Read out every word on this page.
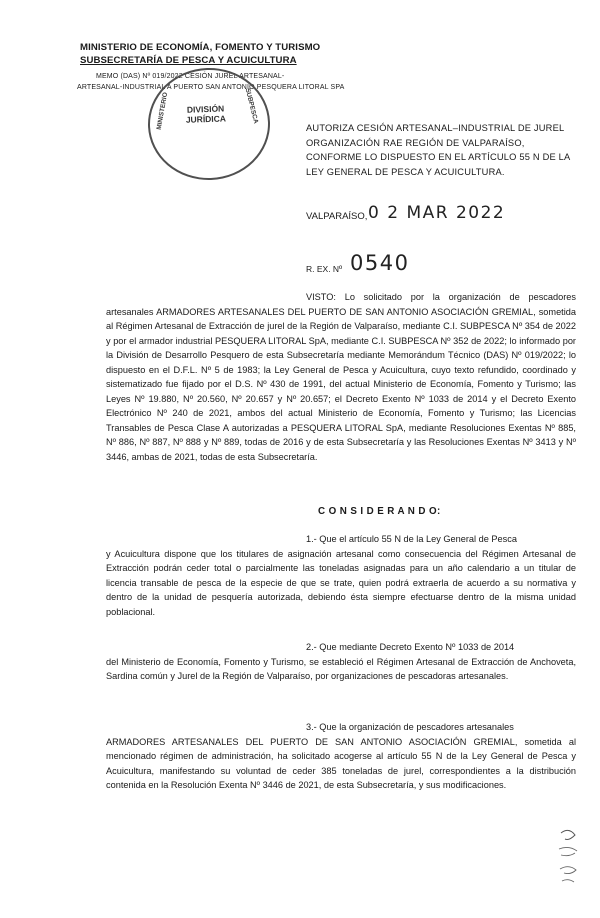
MINISTERIO DE ECONOMÍA, FOMENTO Y TURISMO
SUBSECRETARÍA DE PESCA Y ACUICULTURA
MEMO (DAS) Nº 019/2022 CESIÓN JUREL ARTESANAL-
ARTESANAL-INDUSTRIAL A PUERTO SAN ANTONIO PESQUERA LITORAL SPA
MINISTERIO	SUBPESCA
DIVISIÓN
JURÍDICA
AUTORIZA CESIÓN ARTESANAL–INDUSTRIAL DE JUREL ORGANIZACIÓN RAE REGIÓN DE VALPARAÍSO, CONFORME LO DISPUESTO EN EL ARTÍCULO 55 N DE LA LEY GENERAL DE PESCA Y ACUICULTURA.
VALPARAÍSO, 0 2 MAR 2022
R. EX. Nº 0540
VISTO: Lo solicitado por la organización de pescadores artesanales ARMADORES ARTESANALES DEL PUERTO DE SAN ANTONIO ASOCIACIÓN GREMIAL, sometida al Régimen Artesanal de Extracción de jurel de la Región de Valparaíso, mediante C.I. SUBPESCA Nº 354 de 2022 y por el armador industrial PESQUERA LITORAL SpA, mediante C.I. SUBPESCA Nº 352 de 2022; lo informado por la División de Desarrollo Pesquero de esta Subsecretaría mediante Memorándum Técnico (DAS) Nº 019/2022; lo dispuesto en el D.F.L. Nº 5 de 1983; la Ley General de Pesca y Acuicultura, cuyo texto refundido, coordinado y sistematizado fue fijado por el D.S. Nº 430 de 1991, del actual Ministerio de Economía, Fomento y Turismo; las Leyes Nº 19.880, Nº 20.560, Nº 20.657 y Nº 20.657; el Decreto Exento Nº 1033 de 2014 y el Decreto Exento Electrónico Nº 240 de 2021, ambos del actual Ministerio de Economía, Fomento y Turismo; las Licencias Transables de Pesca Clase A autorizadas a PESQUERA LITORAL SpA, mediante Resoluciones Exentas Nº 885, Nº 886, Nº 887, Nº 888 y Nº 889, todas de 2016 y de esta Subsecretaría y las Resoluciones Exentas Nº 3413 y Nº 3446, ambas de 2021, todas de esta Subsecretaría.
C O N S I D E R A N D O:
1.- Que el artículo 55 N de la Ley General de Pesca
y Acuicultura dispone que los titulares de asignación artesanal como consecuencia del Régimen Artesanal de Extracción podrán ceder total o parcialmente las toneladas asignadas para un año calendario a un titular de licencia transable de pesca de la especie de que se trate, quien podrá extraerla de acuerdo a su normativa y dentro de la unidad de pesquería autorizada, debiendo ésta siempre efectuarse dentro de la misma unidad poblacional.
2.- Que mediante Decreto Exento Nº 1033 de 2014
del Ministerio de Economía, Fomento y Turismo, se estableció el Régimen Artesanal de Extracción de Anchoveta, Sardina común y Jurel de la Región de Valparaíso, por organizaciones de pescadoras artesanales.
3.- Que la organización de pescadores artesanales
ARMADORES ARTESANALES DEL PUERTO DE SAN ANTONIO ASOCIACIÓN GREMIAL, sometida al mencionado régimen de administración, ha solicitado acogerse al artículo 55 N de la Ley General de Pesca y Acuicultura, manifestando su voluntad de ceder 385 toneladas de jurel, correspondientes a la distribución contenida en la Resolución Exenta Nº 3446 de 2021, de esta Subsecretaría, y sus modificaciones.
